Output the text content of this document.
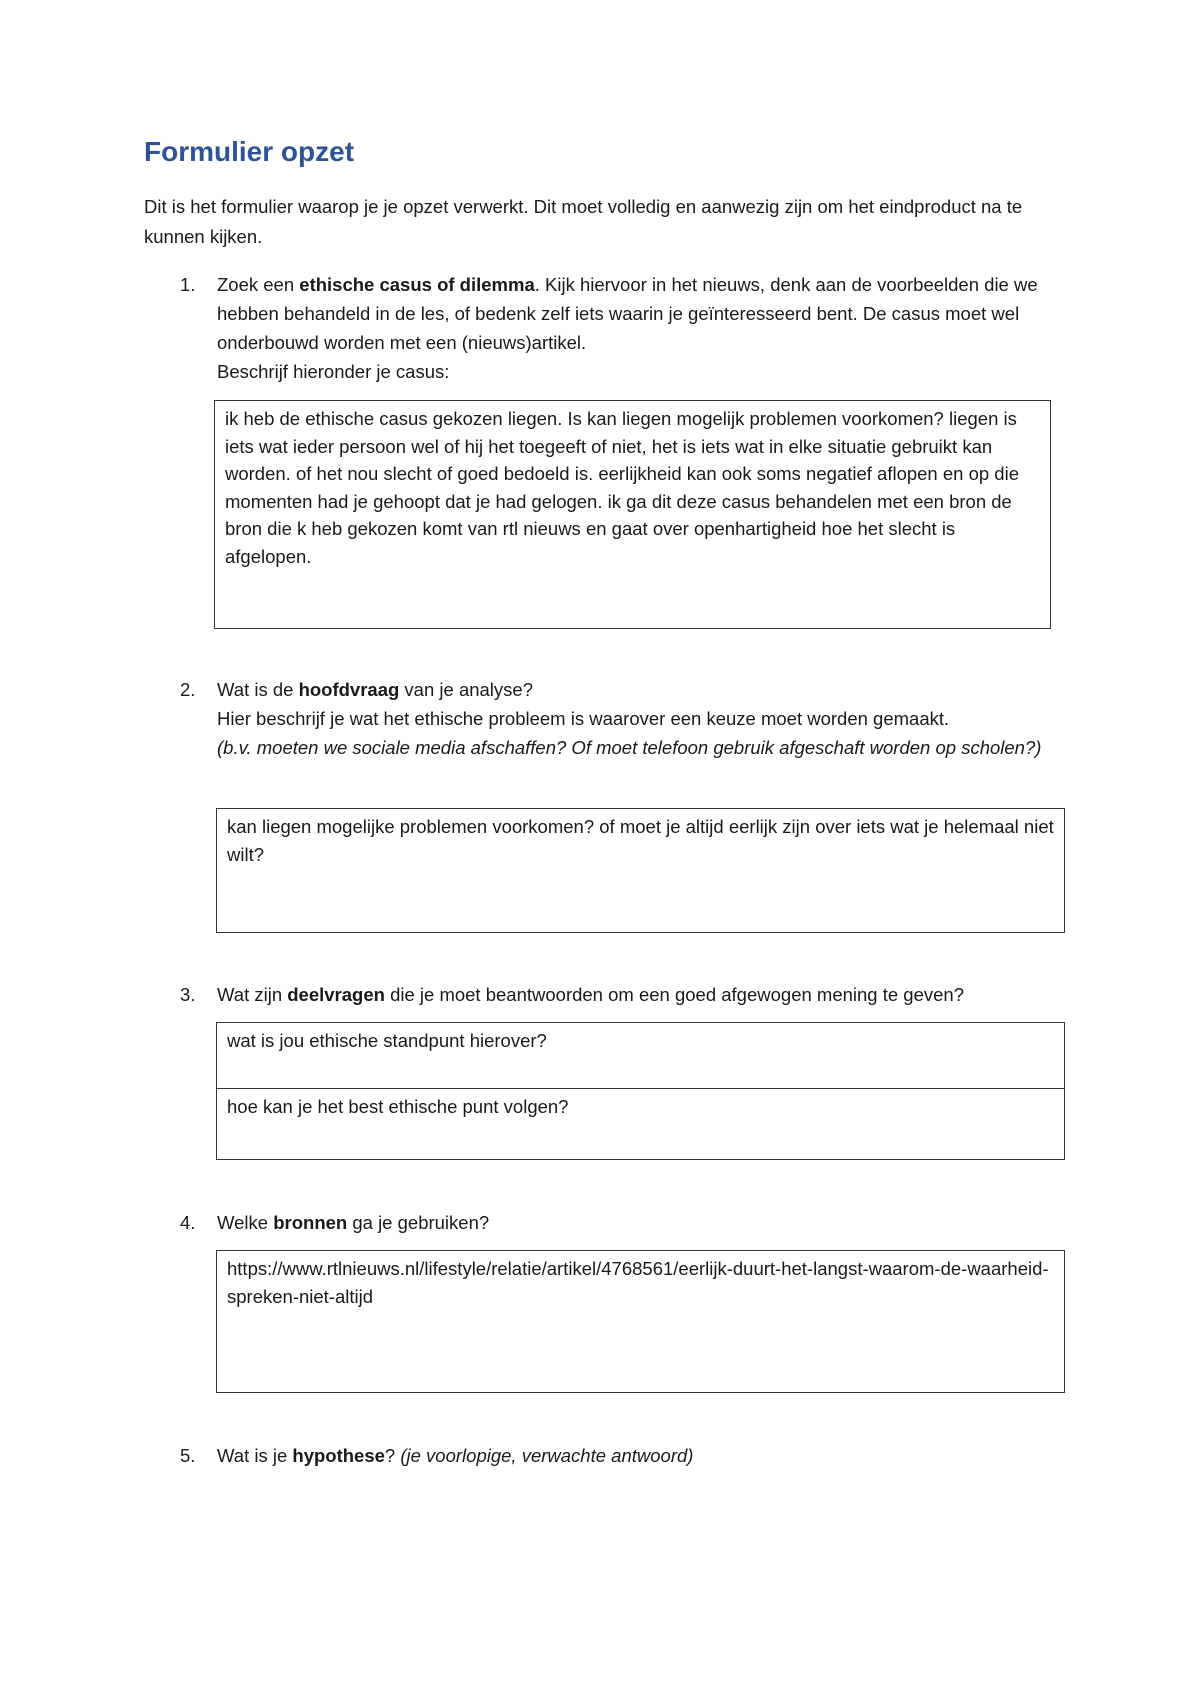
Formulier opzet

Dit is het formulier waarop je je opzet verwerkt. Dit moet volledig en aanwezig zijn om het eindproduct na te kunnen kijken.

1. Zoek een ethische casus of dilemma. Kijk hiervoor in het nieuws, denk aan de voorbeelden die we hebben behandeld in de les, of bedenk zelf iets waarin je geïnteresseerd bent. De casus moet wel onderbouwd worden met een (nieuws)artikel.
Beschrijf hieronder je casus:

ik heb de ethische casus gekozen liegen. Is kan liegen mogelijk problemen voorkomen? liegen is iets wat ieder persoon wel of hij het toegeeft of niet, het is iets wat in elke situatie gebruikt kan worden. of het nou slecht of goed bedoeld is. eerlijkheid kan ook soms negatief aflopen en op die momenten had je gehoopt dat je had gelogen. ik ga dit deze casus behandelen met een bron de bron die k heb gekozen komt van rtl nieuws en gaat over openhartigheid hoe het slecht is afgelopen.

2. Wat is de hoofdvraag van je analyse?
Hier beschrijf je wat het ethische probleem is waarover een keuze moet worden gemaakt.
(b.v. moeten we sociale media afschaffen? Of moet telefoon gebruik afgeschaft worden op scholen?)

kan liegen mogelijke problemen voorkomen? of moet je altijd eerlijk zijn over iets wat je helemaal niet wilt?

3. Wat zijn deelvragen die je moet beantwoorden om een goed afgewogen mening te geven?

wat is jou ethische standpunt hierover?

hoe kan je het best ethische punt volgen?

4. Welke bronnen ga je gebruiken?

https://www.rtlnieuws.nl/lifestyle/relatie/artikel/4768561/eerlijk-duurt-het-langst-waarom-de-waarheid-spreken-niet-altijd

5. Wat is je hypothese? (je voorlopige, verwachte antwoord)
